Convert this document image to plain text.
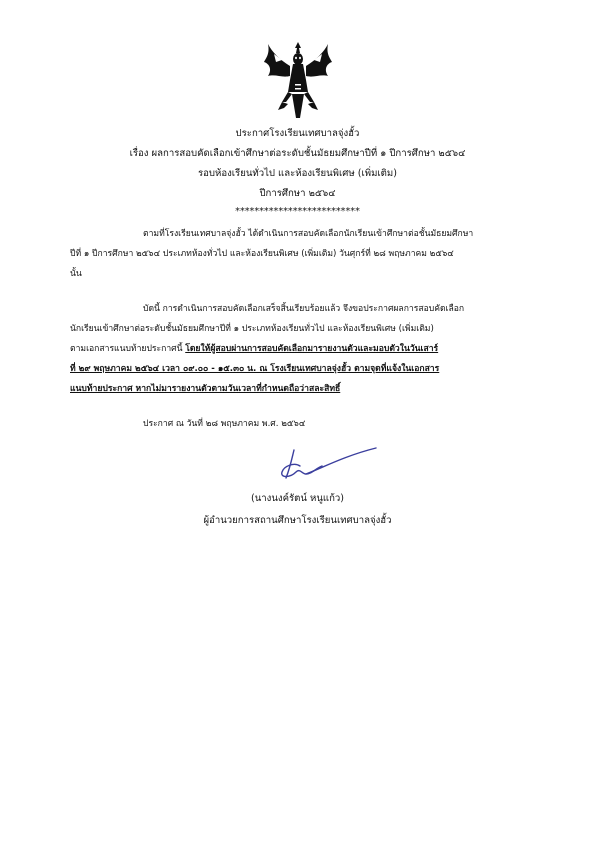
ประกาศโรงเรียนเทศบาลจุ่งฮั้ว
เรื่อง ผลการสอบคัดเลือกเข้าศึกษาต่อระดับชั้นมัธยมศึกษาปีที่ ๑ ปีการศึกษา ๒๕๖๔
รอบห้องเรียนทั่วไป และห้องเรียนพิเศษ (เพิ่มเติม)
ปีการศึกษา ๒๕๖๔
**************************
ตามที่โรงเรียนเทศบาลจุ่งฮั้ว ได้ดำเนินการสอบคัดเลือกนักเรียนเข้าศึกษาต่อชั้นมัธยมศึกษา
ปีที่ ๑ ปีการศึกษา ๒๕๖๔ ประเภทห้องทั่วไป และห้องเรียนพิเศษ (เพิ่มเติม) วันศุกร์ที่ ๒๘ พฤษภาคม ๒๕๖๔
นั้น
บัดนี้ การดำเนินการสอบคัดเลือกเสร็จสิ้นเรียบร้อยแล้ว จึงขอประกาศผลการสอบคัดเลือก
นักเรียนเข้าศึกษาต่อระดับชั้นมัธยมศึกษาปีที่ ๑ ประเภทห้องเรียนทั่วไป และห้องเรียนพิเศษ (เพิ่มเติม)
ตามเอกสารแนบท้ายประกาศนี้ โดยให้ผู้สอบผ่านการสอบคัดเลือกมารายงานตัวและมอบตัวในวันเสาร์
ที่ ๒๙ พฤษภาคม ๒๕๖๔ เวลา ๐๙.๐๐ - ๑๕.๓๐ น. ณ โรงเรียนเทศบาลจุ่งฮั้ว ตามจุดที่แจ้งในเอกสาร
แนบท้ายประกาศ หากไม่มารายงานตัวตามวันเวลาที่กำหนดถือว่าสละสิทธิ์
ประกาศ ณ วันที่ ๒๘ พฤษภาคม พ.ศ. ๒๕๖๔
(นางนงค์รัตน์ หนูแก้ว)
ผู้อำนวยการสถานศึกษาโรงเรียนเทศบาลจุ่งฮั้ว
